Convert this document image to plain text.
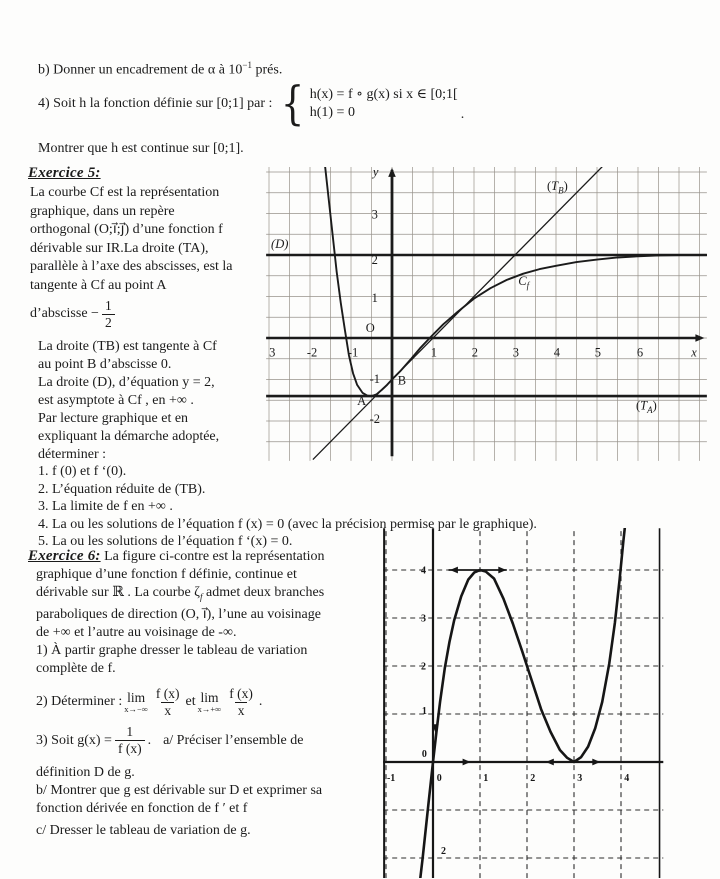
b) Donner un encadrement de α à $10^{-1}$ prés.
4) Soit h la fonction définie sur [0;1] par : { h(x) = f ∘ g(x) si x ∈ [0;1[
h(1) = 0	.
Montrer que h est continue sur [0;1].
Exercice 5:
La courbe Cf est la représentation
graphique, dans un repère
orthogonal (O;i⃗;j⃗) d’une fonction f
dérivable sur IR.La droite (TA),
parallèle à l’axe des abscisses, est la
tangente à Cf au point A
d’abscisse − $\frac{1}{2}$
La droite (TB) est tangente à Cf
au point B d’abscisse 0.
La droite (D), d’équation y = 2,
est asymptote à Cf , en +∞ .
Par lecture graphique et en
expliquant la démarche adoptée,
déterminer :
1. f (0) et f ‘(0).
2. L’équation réduite de (TB).
3. La limite de f en +∞ .
4. La ou les solutions de l’équation f (x) = 0 (avec la précision permise par le graphique).
5. La ou les solutions de l’équation f ‘(x) = 0.
Exercice 6: La figure ci-contre est la représentation
graphique d’une fonction f définie, continue et
dérivable sur ℝ . La courbe $\zeta_f$ admet deux branches
paraboliques de direction (O, i⃗), l’une au voisinage
de +∞ et l’autre au voisinage de -∞.
1) À partir graphe dresser le tableau de variation
complète de f.
2) Déterminer : lim
$x\to-\infty \frac{f (x)}{x}$ et lim
$x\to+\infty \frac{f (x)}{x}$ .
3) Soit $g(x) = \frac{1}{f (x)}$ . a/ Préciser l’ensemble de
définition D de g.
b/ Montrer que g est dérivable sur D et exprimer sa
fonction dérivée en fonction de f ′ et f
c/ Dresser le tableau de variation de g.
y
x
O
3
2
1
-1
-2
3	-2 -1	1	2	3	4	5	6
(D)
$(T_B)$
$(T_A)$
B
A
$C_f$
4
3
2
1
0
2
-1	0	1	2	3	4
